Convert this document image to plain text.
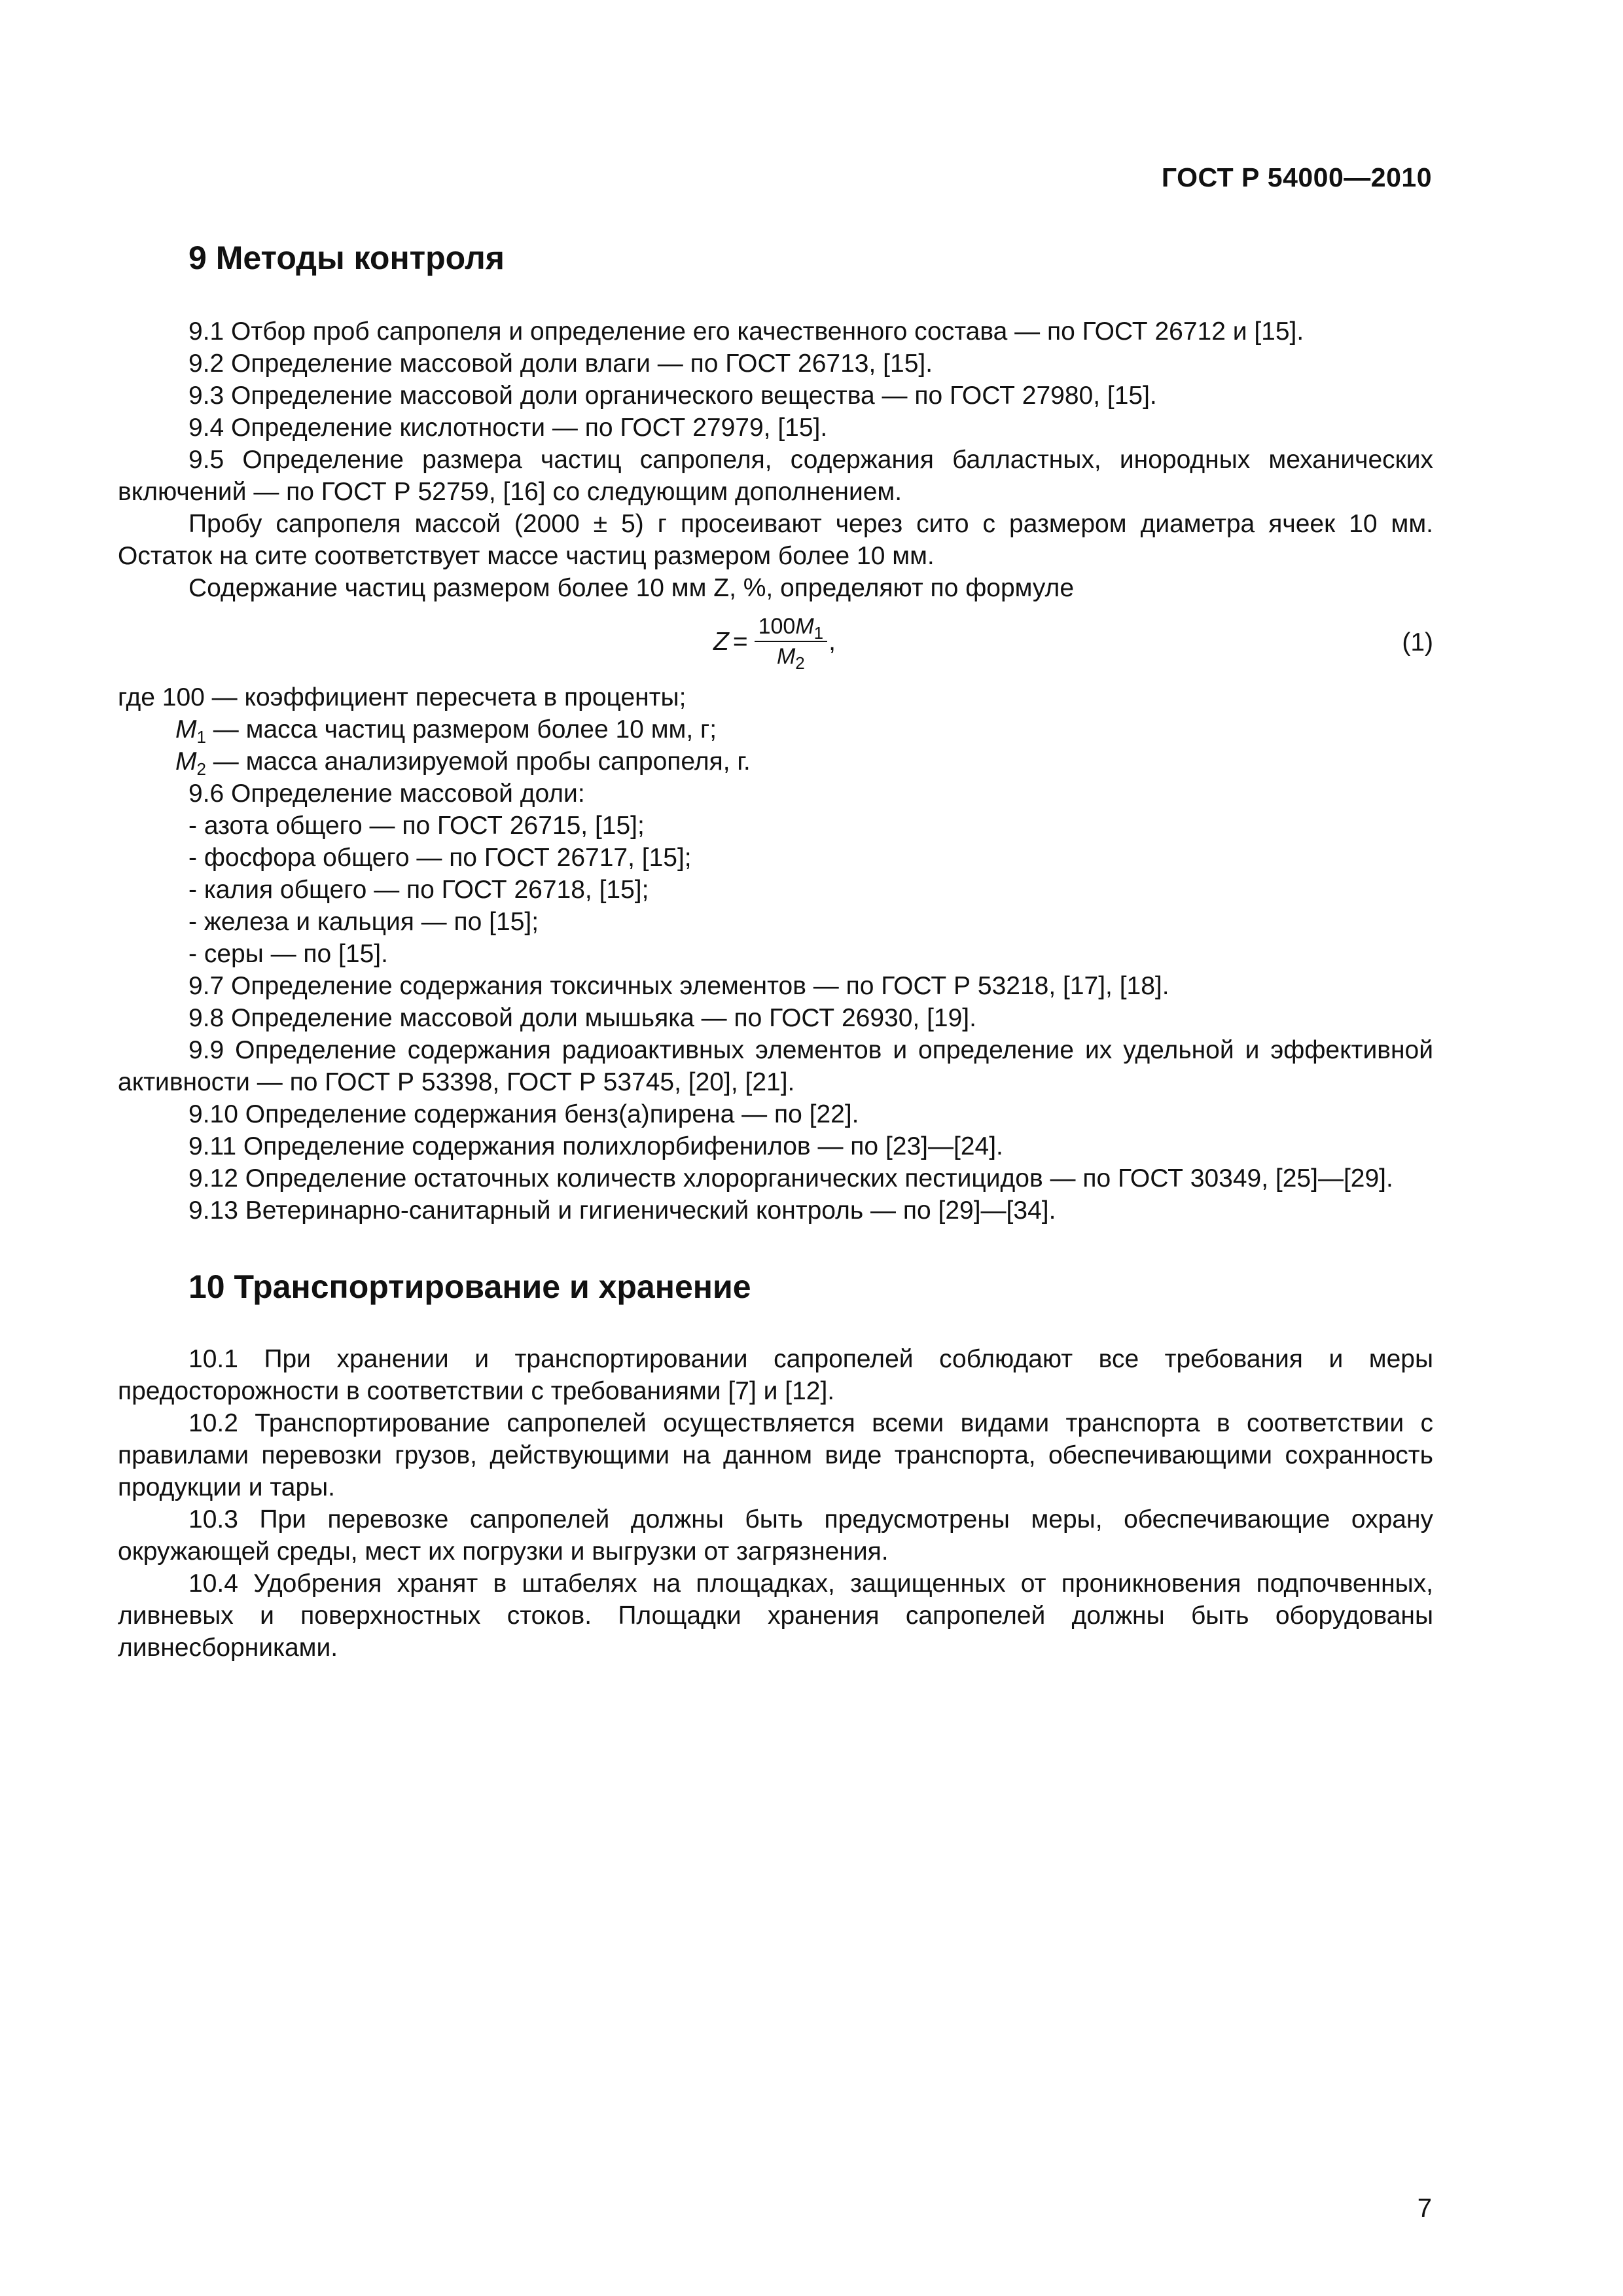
ГОСТ Р 54000—2010
9 Методы контроля

9.1 Отбор проб сапропеля и определение его качественного состава — по ГОСТ 26712 и [15].

9.2 Определение массовой доли влаги — по ГОСТ 26713, [15].

9.3 Определение массовой доли органического вещества — по ГОСТ 27980, [15].

9.4 Определение кислотности — по ГОСТ 27979, [15].

9.5 Определение размера частиц сапропеля, содержания балластных, инородных механических включений — по ГОСТ Р 52759, [16] со следующим дополнением.

Пробу сапропеля массой (2000 ± 5) г просеивают через сито с размером диаметра ячеек 10 мм. Остаток на сите соответствует массе частиц размером более 10 мм.

Содержание частиц размером более 10 мм Z, %, определяют по формуле

$Z = \frac{100M_1}{M_2}$ ,	(1)

где 100 — коэффициент пересчета в проценты;

$M_1$ — масса частиц размером более 10 мм, г;

$M_2$ — масса анализируемой пробы сапропеля, г.

9.6 Определение массовой доли:

- азота общего — по ГОСТ 26715, [15];

- фосфора общего — по ГОСТ 26717, [15];

- калия общего — по ГОСТ 26718, [15];

- железа и кальция — по [15];

- серы — по [15].

9.7 Определение содержания токсичных элементов — по ГОСТ Р 53218, [17], [18].

9.8 Определение массовой доли мышьяка — по ГОСТ 26930, [19].

9.9 Определение содержания радиоактивных элементов и определение их удельной и эффективной активности — по ГОСТ Р 53398, ГОСТ Р 53745, [20], [21].

9.10 Определение содержания бенз(а)пирена — по [22].

9.11 Определение содержания полихлорбифенилов — по [23]—[24].

9.12 Определение остаточных количеств хлорорганических пестицидов — по ГОСТ 30349, [25]—[29].

9.13 Ветеринарно-санитарный и гигиенический контроль — по [29]—[34].

10 Транспортирование и хранение

10.1 При хранении и транспортировании сапропелей соблюдают все требования и меры предосторожности в соответствии с требованиями [7] и [12].

10.2 Транспортирование сапропелей осуществляется всеми видами транспорта в соответствии с правилами перевозки грузов, действующими на данном виде транспорта, обеспечивающими сохранность продукции и тары.

10.3 При перевозке сапропелей должны быть предусмотрены меры, обеспечивающие охрану окружающей среды, мест их погрузки и выгрузки от загрязнения.

10.4 Удобрения хранят в штабелях на площадках, защищенных от проникновения подпочвенных, ливневых и поверхностных стоков. Площадки хранения сапропелей должны быть оборудованы ливнесборниками.

7
